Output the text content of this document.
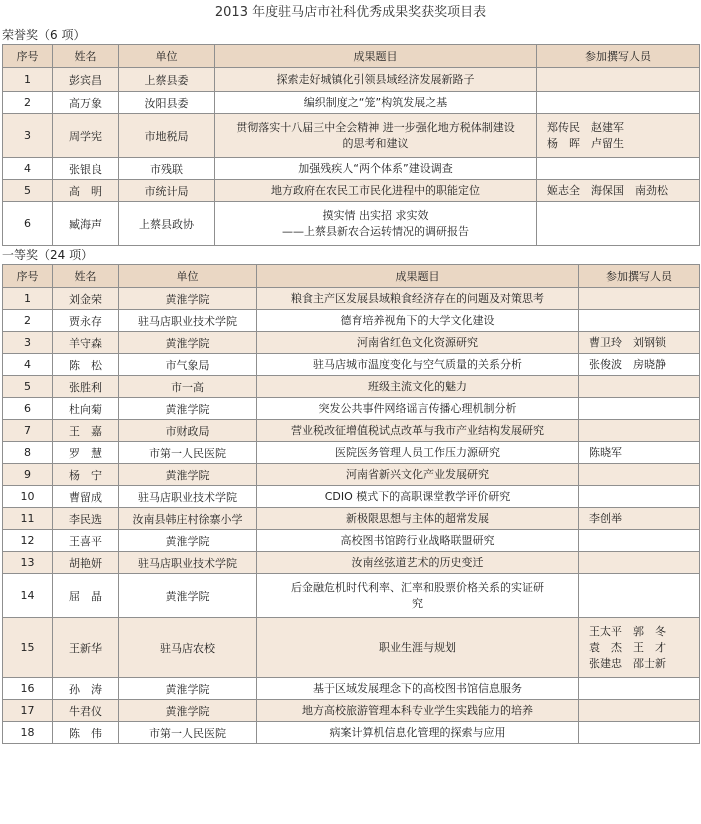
2013 年度驻马店市社科优秀成果奖获奖项目表
荣誉奖（6 项）
序号	姓名	单位	成果题目	参加撰写人员
1	彭宾昌	上蔡县委	探索走好城镇化引领县域经济发展新路子	

2	高万象	汝阳县委	编织制度之“笼”构筑发展之基	

3	周学宪	市地税局	贯彻落实十八届三中全会精神 进一步强化地方税体制建设
的思考和建议	郑传民　赵建军
杨　晖　卢留生

4	张银良	市残联	加强残疾人“两个体系”建设调查	

5	高　明	市统计局	地方政府在农民工市民化进程中的职能定位	姬志全　海保国　南劲松

6	臧海声	上蔡县政协	摸实情 出实招 求实效
——上蔡县新农合运转情况的调研报告	

一等奖（24 项）
序号	姓名	单位	成果题目	参加撰写人员
1	刘金荣	黄淮学院	粮食主产区发展县域粮食经济存在的问题及对策思考	

2	贾永存	驻马店职业技术学院	德育培养视角下的大学文化建设	

3	羊守森	黄淮学院	河南省红色文化资源研究	曹卫玲　刘钢锁

4	陈　松	市气象局	驻马店城市温度变化与空气质量的关系分析	张俊波　房晓静

5	张胜利	市一高	班级主流文化的魅力	

6	杜向菊	黄淮学院	突发公共事件网络谣言传播心理机制分析	

7	王　嘉	市财政局	营业税改征增值税试点改革与我市产业结构发展研究	

8	罗　慧	市第一人民医院	医院医务管理人员工作压力源研究	陈晓军

9	杨　宁	黄淮学院	河南省新兴文化产业发展研究	

10	曹留成	驻马店职业技术学院	CDIO 模式下的高职课堂教学评价研究	

11	李民选	汝南县韩庄村徐寨小学	新极限思想与主体的超常发展	李创举

12	王喜平	黄淮学院	高校图书馆跨行业战略联盟研究	

13	胡艳妍	驻马店职业技术学院	汝南丝弦道艺术的历史变迁	

14	屈　晶	黄淮学院	后金融危机时代利率、汇率和股票价格关系的实证研
究	

15	王新华	驻马店农校	职业生涯与规划	王太平　郭　冬
袁　杰　王　才
张建忠　邵士新

16	孙　涛	黄淮学院	基于区域发展理念下的高校图书馆信息服务	

17	牛君仪	黄淮学院	地方高校旅游管理本科专业学生实践能力的培养	

18	陈　伟	市第一人民医院	病案计算机信息化管理的探索与应用	
